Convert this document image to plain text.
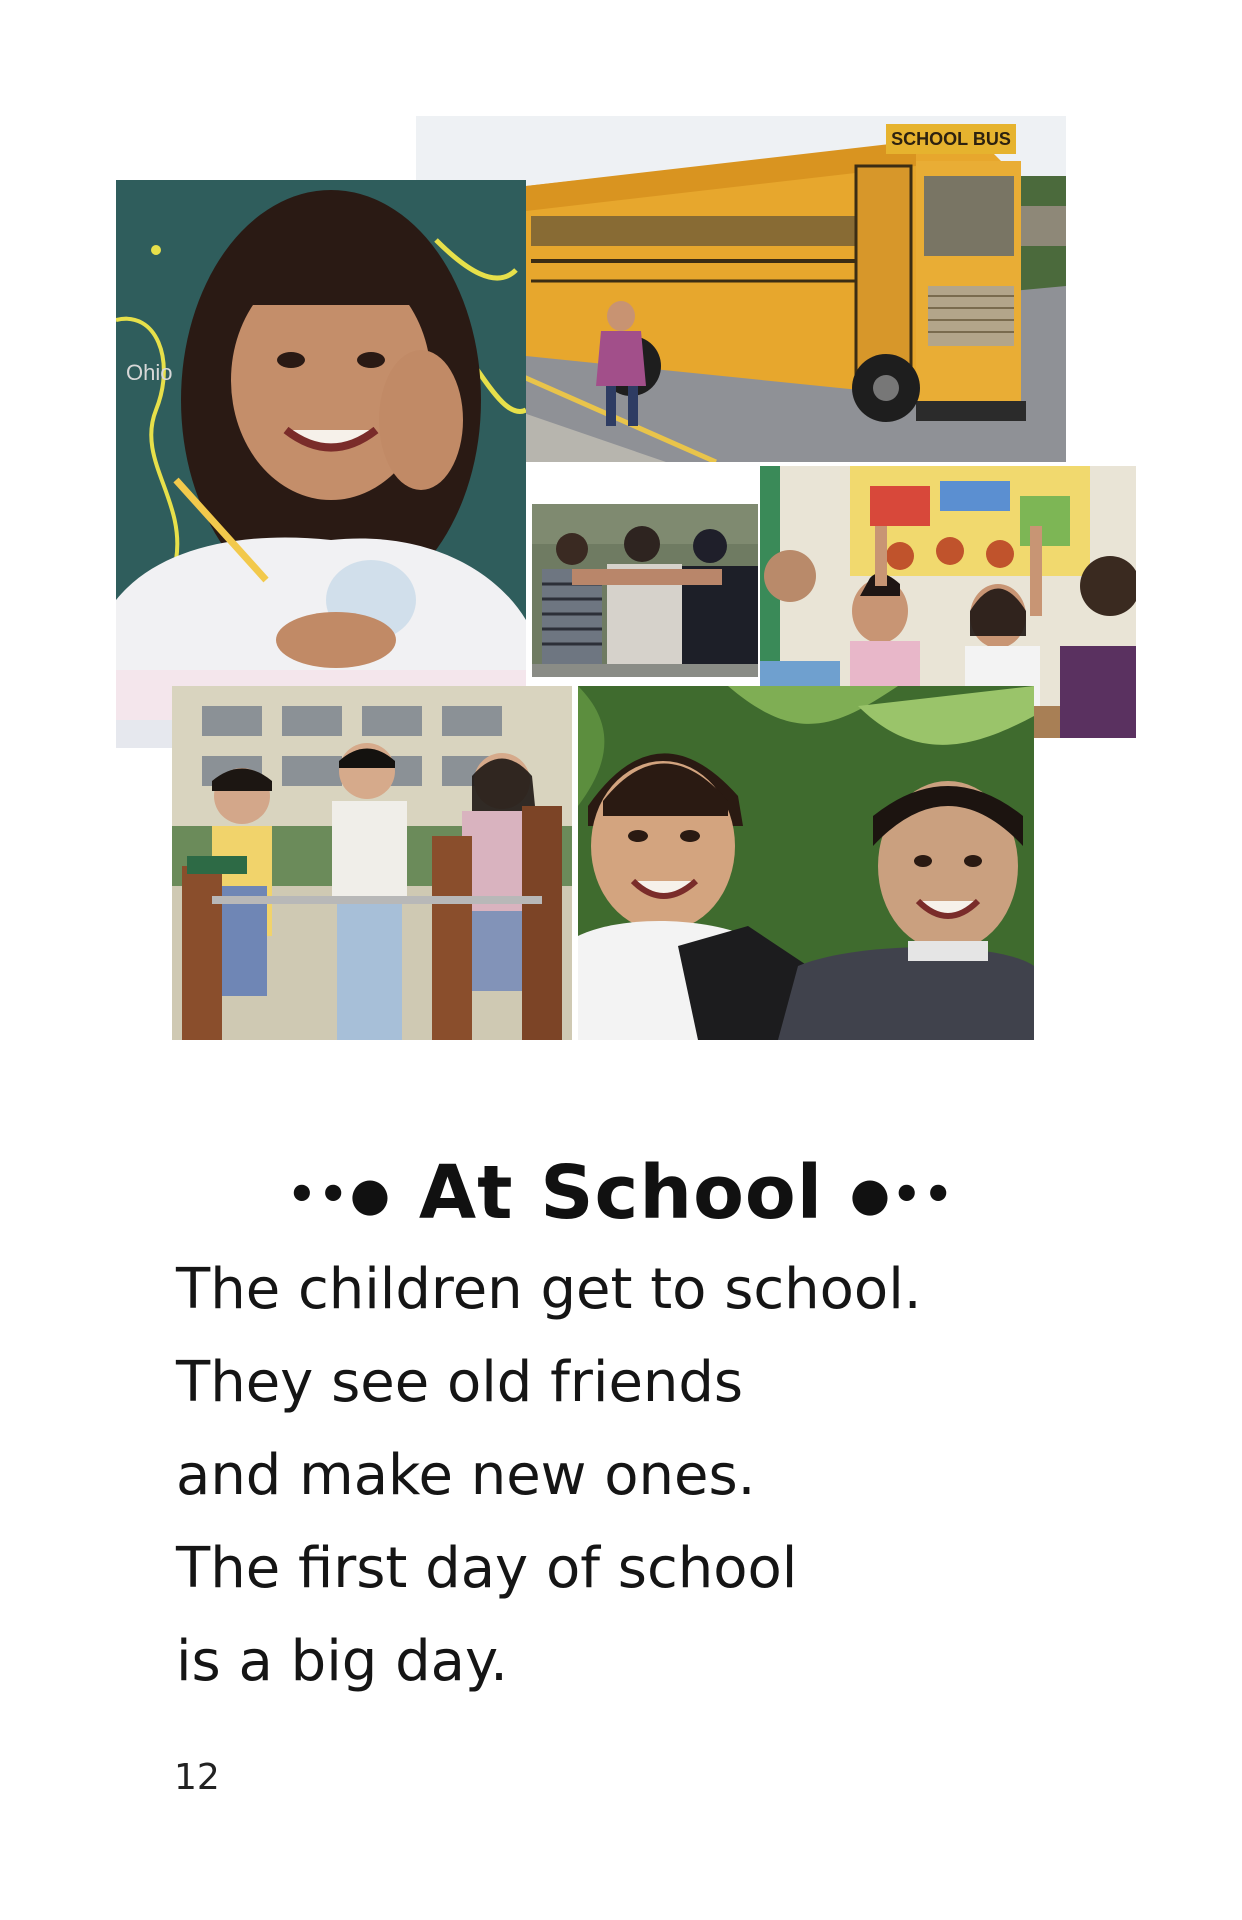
SCHOOL BUS
Ohio
••● At School ●••
The children get to school.
They see old friends
and make new ones.
The first day of school
is a big day.
12
